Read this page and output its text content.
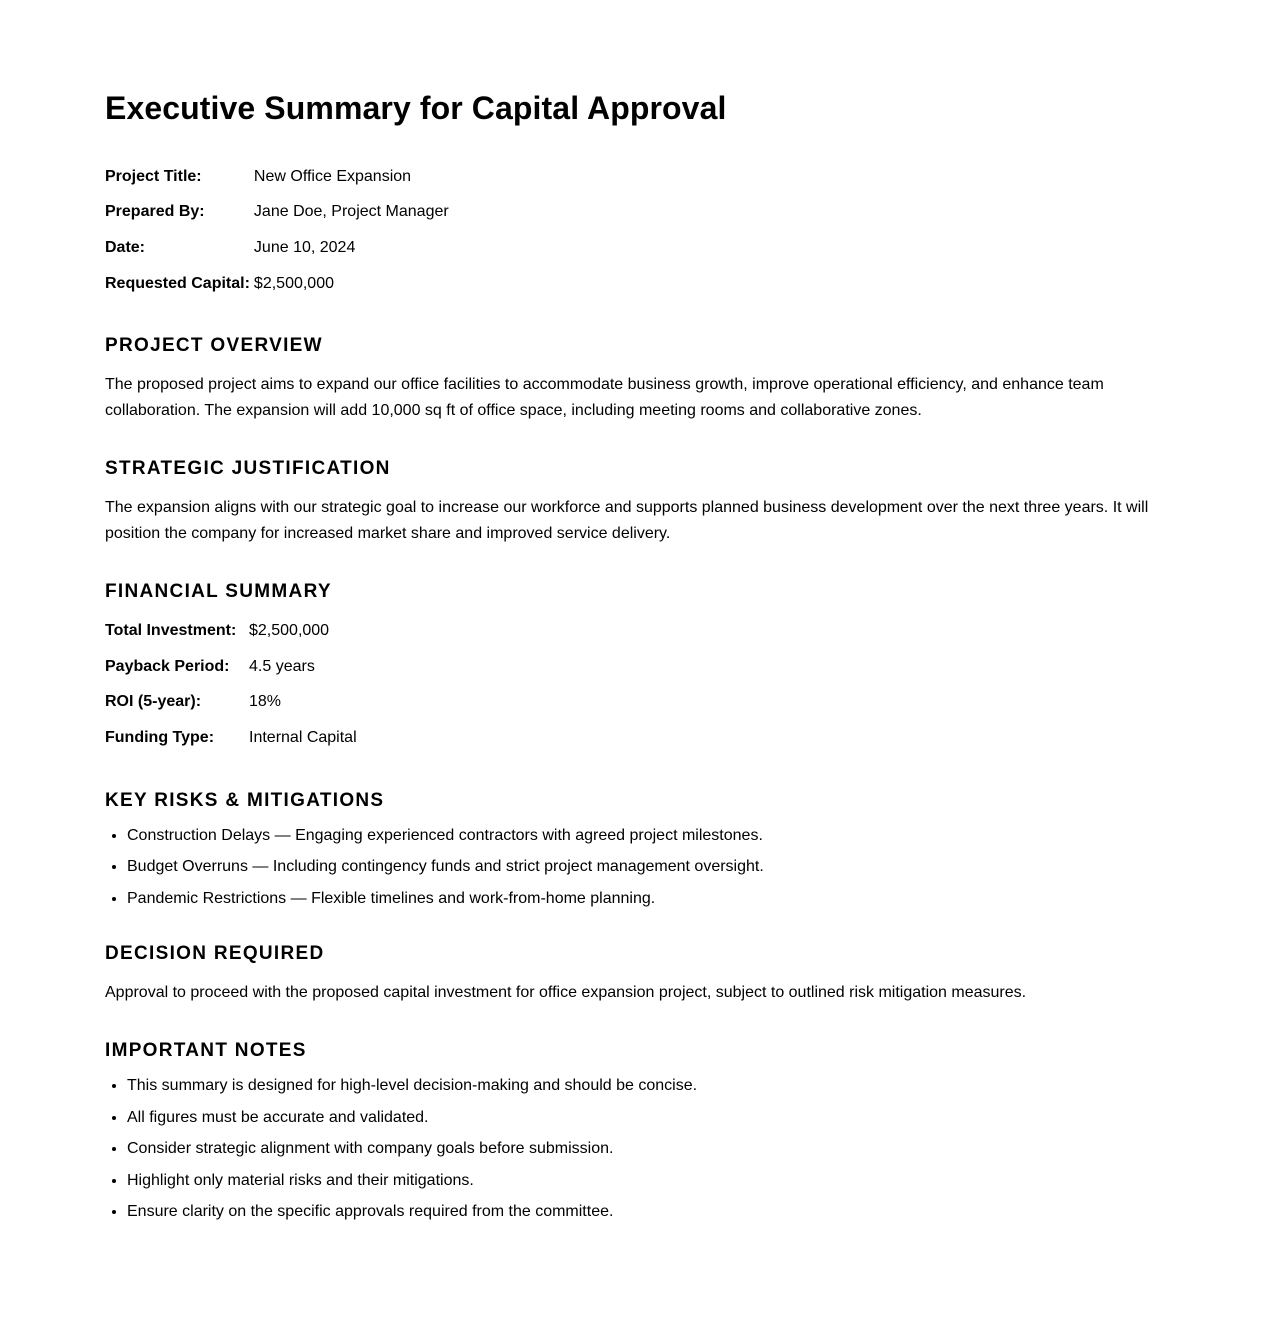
Executive Summary for Capital Approval
Project Title:	New Office Expansion
Prepared By:	Jane Doe, Project Manager
Date:	June 10, 2024
Requested Capital:	$2,500,000
PROJECT OVERVIEW

The proposed project aims to expand our office facilities to accommodate business growth, improve operational efficiency, and enhance team collaboration. The expansion will add 10,000 sq ft of office space, including meeting rooms and collaborative zones.

STRATEGIC JUSTIFICATION

The expansion aligns with our strategic goal to increase our workforce and supports planned business development over the next three years. It will position the company for increased market share and improved service delivery.

FINANCIAL SUMMARY
Total Investment:	$2,500,000
Payback Period:	4.5 years
ROI (5-year):	18%
Funding Type:	Internal Capital
KEY RISKS & MITIGATIONS
• Construction Delays — Engaging experienced contractors with agreed project milestones.
• Budget Overruns — Including contingency funds and strict project management oversight.
• Pandemic Restrictions — Flexible timelines and work-from-home planning.
DECISION REQUIRED

Approval to proceed with the proposed capital investment for office expansion project, subject to outlined risk mitigation measures.

IMPORTANT NOTES
• This summary is designed for high-level decision-making and should be concise.
• All figures must be accurate and validated.
• Consider strategic alignment with company goals before submission.
• Highlight only material risks and their mitigations.
• Ensure clarity on the specific approvals required from the committee.
